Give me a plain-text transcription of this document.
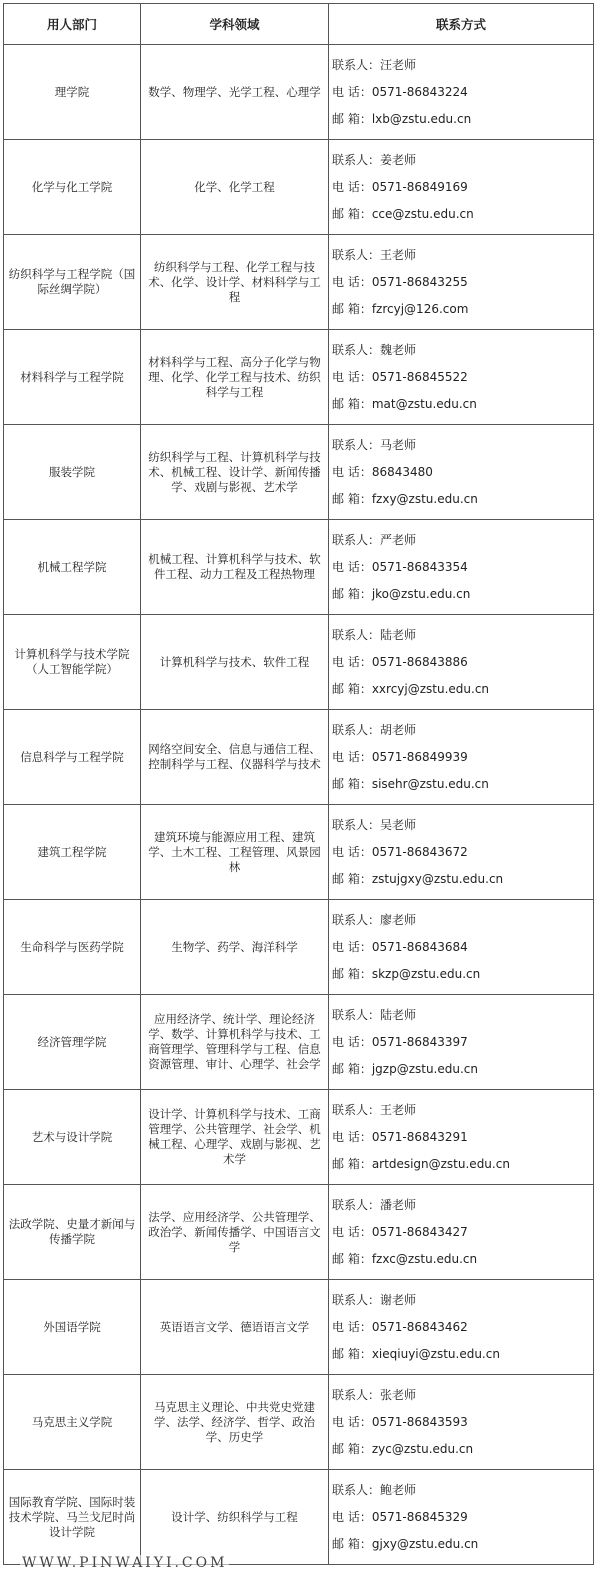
用人部门	学科领域	联系方式
理学院	数学、物理学、光学工程、心理学	联系人：汪老师
电 话：0571-86843224
邮 箱：lxb@zstu.edu.cn

化学与化工学院	化学、化学工程	联系人：姜老师
电 话：0571-86849169
邮 箱：cce@zstu.edu.cn

纺织科学与工程学院（国际丝绸学院）	纺织科学与工程、化学工程与技术、化学、设计学、材料科学与工程	联系人：王老师
电 话：0571-86843255
邮 箱：fzrcyj@126.com

材料科学与工程学院	材料科学与工程、高分子化学与物理、化学、化学工程与技术、纺织科学与工程	联系人：魏老师
电 话：0571-86845522
邮 箱：mat@zstu.edu.cn

服装学院	纺织科学与工程、计算机科学与技术、机械工程、设计学、新闻传播学、戏剧与影视、艺术学	联系人：马老师
电 话：86843480
邮 箱：fzxy@zstu.edu.cn

机械工程学院	机械工程、计算机科学与技术、软件工程、动力工程及工程热物理	联系人：严老师
电 话：0571-86843354
邮 箱：jko@zstu.edu.cn

计算机科学与技术学院（人工智能学院）	计算机科学与技术、软件工程	联系人：陆老师
电 话：0571-86843886
邮 箱：xxrcyj@zstu.edu.cn

信息科学与工程学院	网络空间安全、信息与通信工程、控制科学与工程、仪器科学与技术	联系人：胡老师
电 话：0571-86849939
邮 箱：sisehr@zstu.edu.cn

建筑工程学院	建筑环境与能源应用工程、建筑学、土木工程、工程管理、风景园林	联系人：吴老师
电 话：0571-86843672
邮 箱：zstujgxy@zstu.edu.cn

生命科学与医药学院	生物学、药学、海洋科学	联系人：廖老师
电 话：0571-86843684
邮 箱：skzp@zstu.edu.cn

经济管理学院	应用经济学、统计学、理论经济学、数学、计算机科学与技术、工商管理学、管理科学与工程、信息资源管理、审计、心理学、社会学	联系人：陆老师
电 话：0571-86843397
邮 箱：jgzp@zstu.edu.cn

艺术与设计学院	设计学、计算机科学与技术、工商管理学、公共管理学、社会学、机械工程、心理学、戏剧与影视、艺术学	联系人：王老师
电 话：0571-86843291
邮 箱：artdesign@zstu.edu.cn

法政学院、史量才新闻与传播学院	法学、应用经济学、公共管理学、政治学、新闻传播学、中国语言文学	联系人：潘老师
电 话：0571-86843427
邮 箱：fzxc@zstu.edu.cn

外国语学院	英语语言文学、德语语言文学	联系人：谢老师
电 话：0571-86843462
邮 箱：xieqiuyi@zstu.edu.cn

马克思主义学院	马克思主义理论、中共党史党建学、法学、经济学、哲学、政治学、历史学	联系人：张老师
电 话：0571-86843593
邮 箱：zyc@zstu.edu.cn

国际教育学院、国际时装技术学院、马兰戈尼时尚设计学院	设计学、纺织科学与工程	联系人：鲍老师
电 话：0571-86845329
邮 箱：gjxy@zstu.edu.cn
WWW.PINWAIYI.COM
